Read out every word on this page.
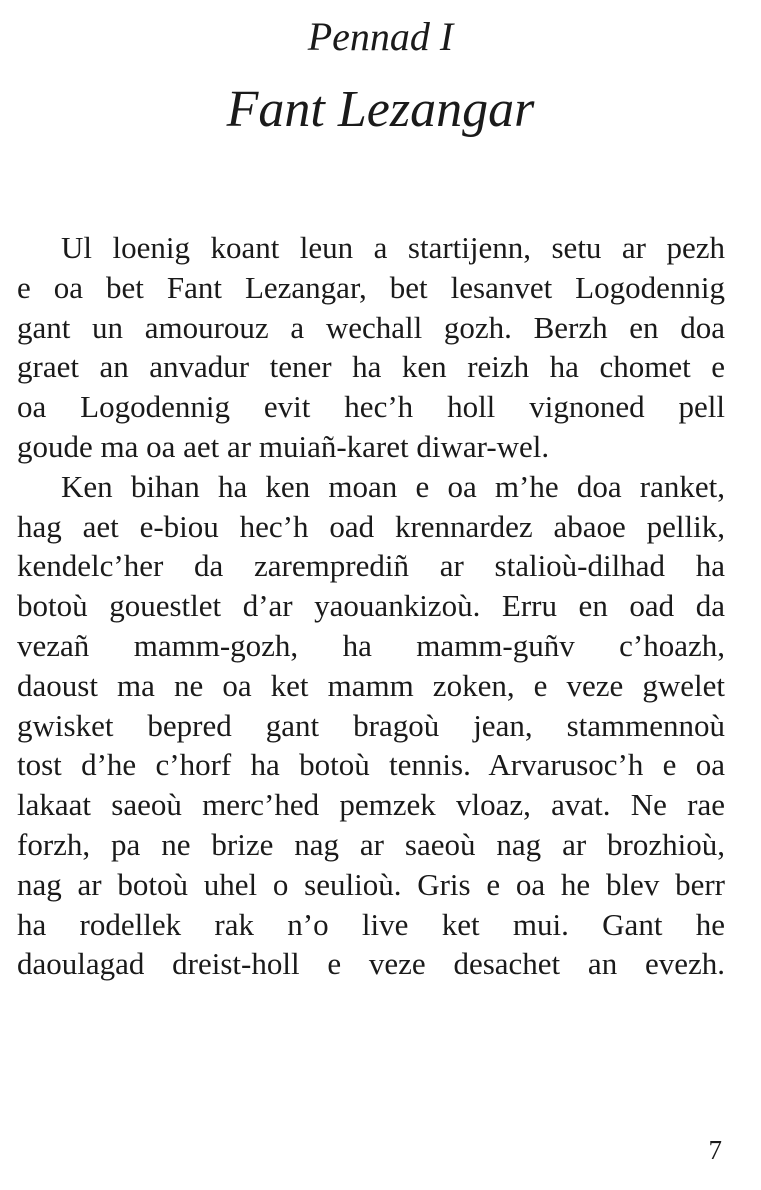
Pennad I
Fant Lezangar
Ul loenig koant leun a startijenn, setu ar pezh
e oa bet Fant Lezangar, bet lesanvet Logodennig
gant un amourouz a wechall gozh. Berzh en doa
graet an anvadur tener ha ken reizh ha chomet e
oa Logodennig evit hec’h holl vignoned pell
goude ma oa aet ar muiañ-karet diwar-wel.
Ken bihan ha ken moan e oa m’he doa ranket,
hag aet e-biou hec’h oad krennardez abaoe pellik,
kendelc’her da zaremprediñ ar stalioù-dilhad ha
botoù gouestlet d’ar yaouankizoù. Erru en oad da
vezañ mamm-gozh, ha mamm-guñv c’hoazh,
daoust ma ne oa ket mamm zoken, e veze gwelet
gwisket bepred gant bragoù jean, stammennoù
tost d’he c’horf ha botoù tennis. Arvarusoc’h e oa
lakaat saeoù merc’hed pemzek vloaz, avat. Ne rae
forzh, pa ne brize nag ar saeoù nag ar brozhioù,
nag ar botoù uhel o seulioù. Gris e oa he blev berr
ha rodellek rak n’o live ket mui. Gant he
daoulagad dreist-holl e veze desachet an evezh.
7
